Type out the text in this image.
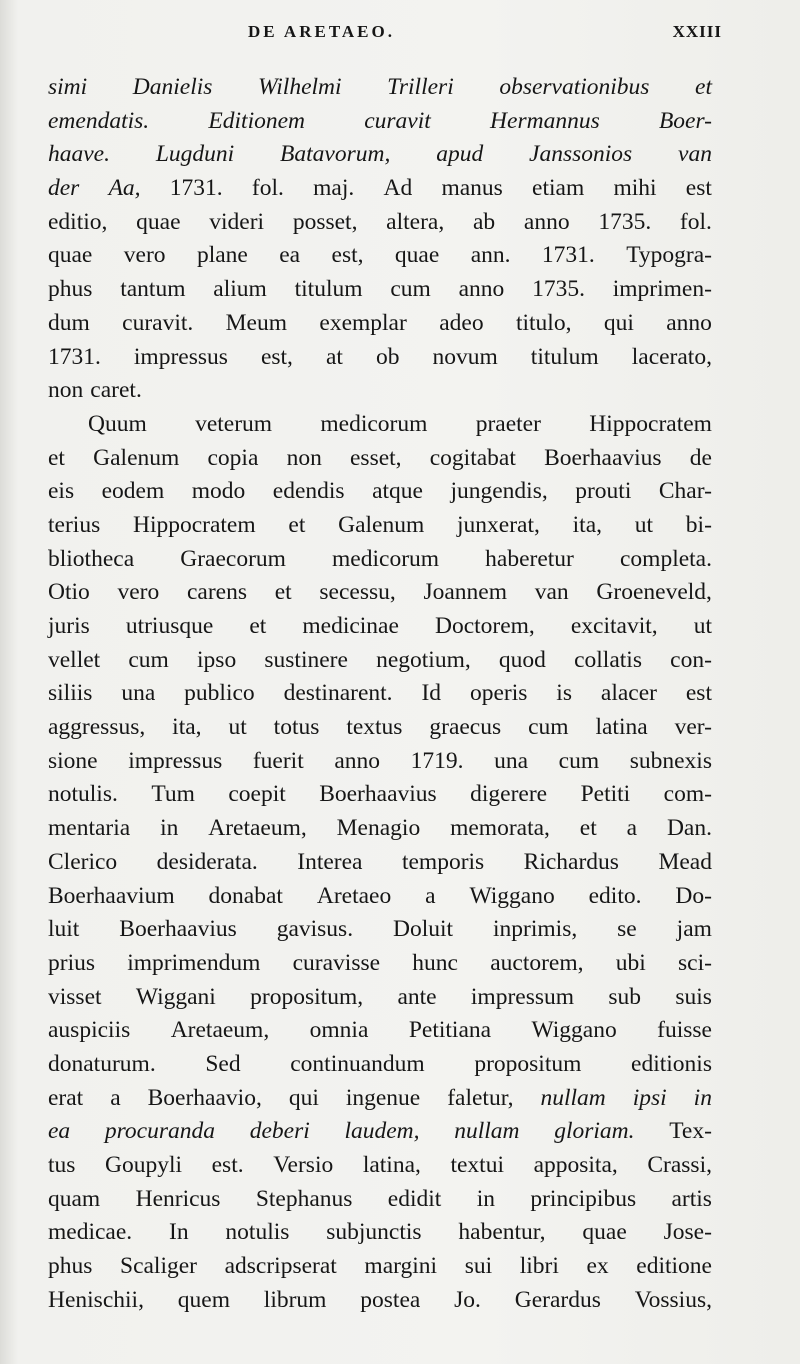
DE ARETAEO.	XXIII
simi Danielis Wilhelmi Trilleri observationibus et
emendatis.	Editionem	curavit	Hermannus	Boer-
haave. Lugduni Batavorum, apud Janssonios van
der Aa, 1731. fol. maj. Ad manus etiam mihi est
editio, quae videri posset, altera, ab anno 1735. fol.
quae vero plane ea est, quae ann. 1731. Typogra-
phus tantum alium titulum cum anno 1735. imprimen-
dum curavit. Meum exemplar adeo titulo, qui anno
1731. impressus est, at ob novum titulum lacerato,
non caret.
Quum veterum medicorum praeter Hippocratem
et Galenum copia non esset, cogitabat Boerhaavius de
eis eodem modo edendis atque jungendis, prouti Char-
terius Hippocratem et Galenum junxerat, ita, ut bi-
bliotheca Graecorum medicorum haberetur completa.
Otio vero carens et secessu, Joannem van Groeneveld,
juris utriusque et medicinae Doctorem, excitavit, ut
vellet cum ipso sustinere negotium, quod collatis con-
siliis una publico destinarent. Id operis is alacer est
aggressus, ita, ut totus textus graecus cum latina ver-
sione impressus fuerit anno 1719. una cum subnexis
notulis. Tum coepit Boerhaavius digerere Petiti com-
mentaria in Aretaeum, Menagio memorata, et a Dan.
Clerico desiderata. Interea temporis Richardus Mead
Boerhaavium donabat Aretaeo a Wiggano edito. Do-
luit Boerhaavius gavisus. Doluit inprimis, se jam
prius imprimendum curavisse hunc auctorem, ubi sci-
visset Wiggani propositum, ante impressum sub suis
auspiciis Aretaeum, omnia Petitiana Wiggano fuisse
donaturum. Sed continuandum propositum editionis
erat a Boerhaavio, qui ingenue faletur, nullam ipsi in
ea procuranda deberi laudem, nullam gloriam. Tex-
tus Goupyli est. Versio latina, textui apposita, Crassi,
quam Henricus Stephanus edidit in principibus artis
medicae. In notulis subjunctis habentur, quae Jose-
phus Scaliger adscripserat margini sui libri ex editione
Henischii, quem librum postea Jo. Gerardus Vossius,
